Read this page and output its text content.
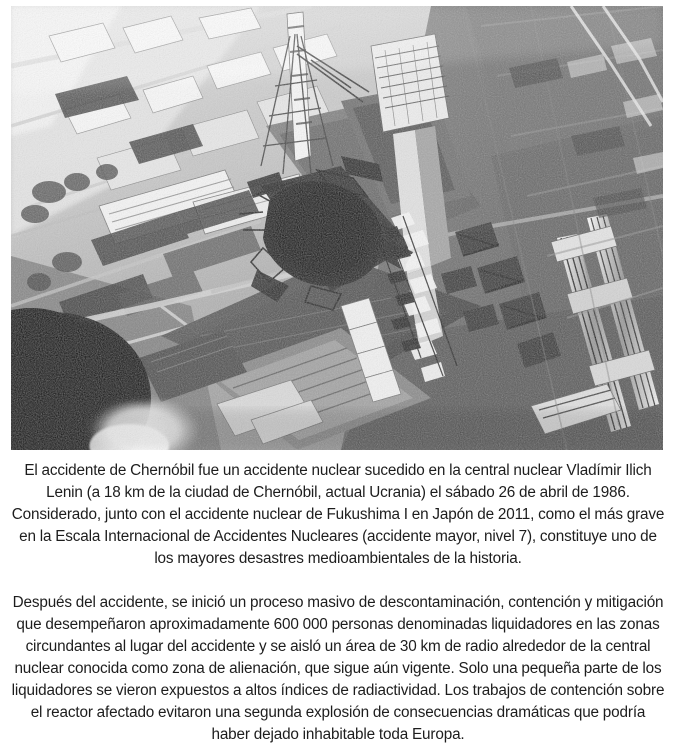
El accidente de Chernóbil fue un accidente nuclear sucedido en la central nuclear Vladímir Ilich Lenin (a 18 km de la ciudad de Chernóbil, actual Ucrania) el sábado 26 de abril de 1986. Considerado, junto con el accidente nuclear de Fukushima I en Japón de 2011, como el más grave en la Escala Internacional de Accidentes Nucleares (accidente mayor, nivel 7), constituye uno de los mayores desastres medioambientales de la historia.

Después del accidente, se inició un proceso masivo de descontaminación, contención y mitigación que desempeñaron aproximadamente 600 000 personas denominadas liquidadores en las zonas circundantes al lugar del accidente y se aisló un área de 30 km de radio alrededor de la central nuclear conocida como zona de alienación, que sigue aún vigente. Solo una pequeña parte de los liquidadores se vieron expuestos a altos índices de radiactividad. Los trabajos de contención sobre el reactor afectado evitaron una segunda explosión de consecuencias dramáticas que podría haber dejado inhabitable toda Europa.
